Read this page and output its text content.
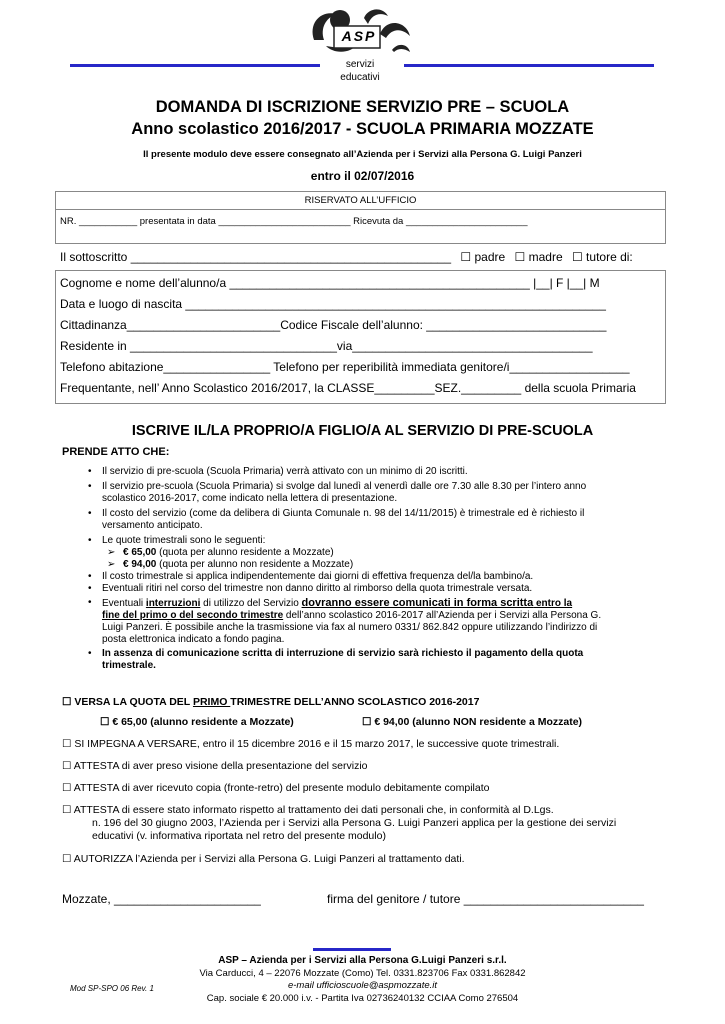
ASP
servizi
educativi
DOMANDA DI ISCRIZIONE SERVIZIO PRE – SCUOLA
Anno scolastico 2016/2017 - SCUOLA PRIMARIA MOZZATE
Il presente modulo deve essere consegnato all’Azienda per i Servizi alla Persona G. Luigi Panzeri
entro il 02/07/2016
RISERVATO ALL’UFFICIO
NR. ___________ presentata in data _________________________ Ricevuta da _______________________
Il sottoscritto ________________________________________________ ☐ padre ☐ madre ☐ tutore di:
Cognome e nome dell’alunno/a _____________________________________________ |__| F |__| M
Data e luogo di nascita _______________________________________________________________
Cittadinanza_______________________Codice Fiscale dell’alunno: ___________________________
Residente in _______________________________via____________________________________
Telefono abitazione________________ Telefono per reperibilità immediata genitore/i__________________
Frequentante, nell’ Anno Scolastico 2016/2017, la CLASSE_________SEZ._________ della scuola Primaria
ISCRIVE IL/LA PROPRIO/A FIGLIO/A AL SERVIZIO DI PRE-SCUOLA
PRENDE ATTO CHE:
• Il servizio di pre-scuola (Scuola Primaria) verrà attivato con un minimo di 20 iscritti.
• Il servizio pre-scuola (Scuola Primaria) si svolge dal lunedì al venerdì dalle ore 7.30 alle 8.30 per l’intero anno
scolastico 2016-2017, come indicato nella lettera di presentazione.
• Il costo del servizio (come da delibera di Giunta Comunale n. 98 del 14/11/2015) è trimestrale ed è richiesto il
versamento anticipato.
• Le quote trimestrali sono le seguenti:
➢ € 65,00 (quota per alunno residente a Mozzate)
➢ € 94,00 (quota per alunno non residente a Mozzate)
• Il costo trimestrale si applica indipendentemente dai giorni di effettiva frequenza del/la bambino/a.
• Eventuali ritiri nel corso del trimestre non danno diritto al rimborso della quota trimestrale versata.
• Eventuali interruzioni di utilizzo del Servizio dovranno essere comunicati in forma scritta entro la
fine del primo o del secondo trimestre dell’anno scolastico 2016-2017 all’Azienda per i Servizi alla Persona G.
Luigi Panzeri. È possibile anche la trasmissione via fax al numero 0331/ 862.842 oppure utilizzando l’indirizzo di
posta elettronica indicato a fondo pagina.
• In assenza di comunicazione scritta di interruzione di servizio sarà richiesto il pagamento della quota
trimestrale.
☐ VERSA LA QUOTA DEL PRIMO TRIMESTRE DELL’ANNO SCOLASTICO 2016-2017
☐ € 65,00 (alunno residente a Mozzate)	☐ € 94,00 (alunno NON residente a Mozzate)
☐ SI IMPEGNA A VERSARE, entro il 15 dicembre 2016 e il 15 marzo 2017, le successive quote trimestrali.
☐ ATTESTA di aver preso visione della presentazione del servizio
☐ ATTESTA di aver ricevuto copia (fronte-retro) del presente modulo debitamente compilato
☐ ATTESTA di essere stato informato rispetto al trattamento dei dati personali che, in conformità al D.Lgs.
n. 196 del 30 giugno 2003, l’Azienda per i Servizi alla Persona G. Luigi Panzeri applica per la gestione dei servizi
educativi (v. informativa riportata nel retro del presente modulo)
☐ AUTORIZZA l’Azienda per i Servizi alla Persona G. Luigi Panzeri al trattamento dati.
Mozzate, ______________________	firma del genitore / tutore ___________________________
ASP – Azienda per i Servizi alla Persona G.Luigi Panzeri s.r.l.
Via Carducci, 4 – 22076 Mozzate (Como) Tel. 0331.823706 Fax 0331.862842
e-mail ufficioscuole@aspmozzate.it
Cap. sociale € 20.000 i.v. - Partita Iva 02736240132 CCIAA Como 276504
Mod SP-SPO 06 Rev. 1
